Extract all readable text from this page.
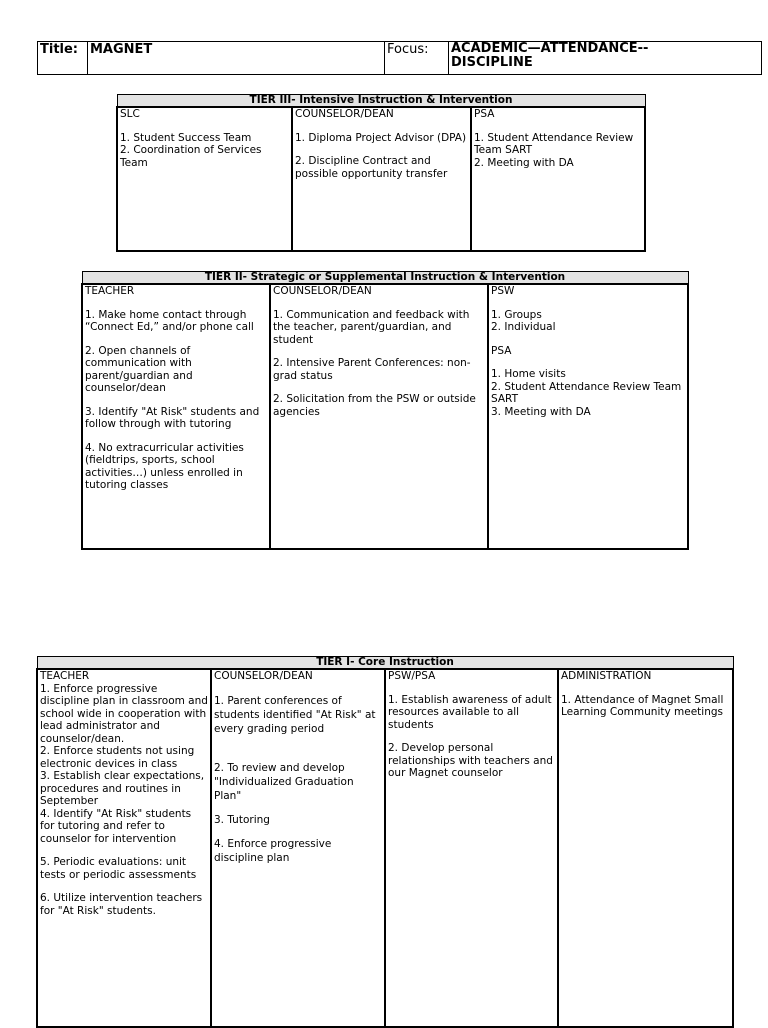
Title:	MAGNET	Focus:	ACADEMIC—ATTENDANCE--
DISCIPLINE
TIER III- Intensive Instruction & Intervention

SLC
1. Student Success Team
2. Coordination of Services Team

COUNSELOR/DEAN
1. Diploma Project Advisor (DPA)
2. Discipline Contract and possible opportunity transfer

PSA
1. Student Attendance Review Team SART
2. Meeting with DA
TIER II- Strategic or Supplemental Instruction & Intervention

TEACHER
1. Make home contact through “Connect Ed,” and/or phone call
2. Open channels of communication with parent/guardian and counselor/dean
3. Identify "At Risk" students and follow through with tutoring
4. No extracurricular activities (fieldtrips, sports, school activities…) unless enrolled in tutoring classes

COUNSELOR/DEAN
1. Communication and feedback with the teacher, parent/guardian, and student
2. Intensive Parent Conferences: non-grad status
2. Solicitation from the PSW or outside agencies

PSW
1. Groups
2. Individual
PSA
1. Home visits
2. Student Attendance Review Team SART
3. Meeting with DA
TIER I- Core Instruction

TEACHER
1. Enforce progressive discipline plan in classroom and school wide in cooperation with lead administrator and counselor/dean.
2. Enforce students not using electronic devices in class
3. Establish clear expectations, procedures and routines in September
4. Identify "At Risk" students for tutoring and refer to counselor for intervention
5. Periodic evaluations: unit tests or periodic assessments
6. Utilize intervention teachers for "At Risk" students.

COUNSELOR/DEAN
1. Parent conferences of students identified "At Risk" at every grading period

2. To review and develop "Individualized Graduation Plan"
3. Tutoring
4. Enforce progressive discipline plan

PSW/PSA
1. Establish awareness of adult resources available to all students
2. Develop personal relationships with teachers and our Magnet counselor

ADMINISTRATION
1. Attendance of Magnet Small Learning Community meetings
